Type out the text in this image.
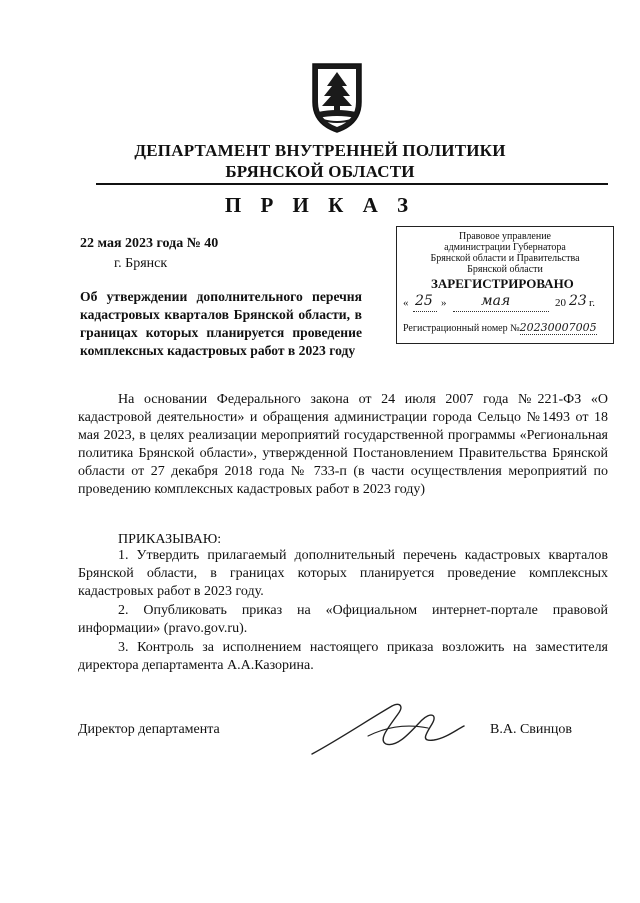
ДЕПАРТАМЕНТ ВНУТРЕННЕЙ ПОЛИТИКИ
БРЯНСКОЙ ОБЛАСТИ
П Р И К А З
22 мая 2023 года № 40
г. Брянск
Об утверждении дополнительного перечня кадастровых кварталов Брянской области, в границах которых планируется проведение комплексных кадастровых работ в 2023 году
Правовое управление
администрации Губернатора
Брянской области и Правительства
Брянской области
ЗАРЕГИСТРИРОВАНО
« 25 » мая	20 23 г.
Регистрационный номер №20230007005
На основании Федерального закона от 24 июля 2007 года №221-ФЗ «О кадастровой деятельности» и обращения администрации города Сельцо №1493 от 18 мая 2023, в целях реализации мероприятий государственной программы «Региональная политика Брянской области», утвержденной Постановлением Правительства Брянской области от 27 декабря 2018 года № 733-п (в части осуществления мероприятий по проведению комплексных кадастровых работ в 2023 году)
ПРИКАЗЫВАЮ:
1. Утвердить прилагаемый дополнительный перечень кадастровых кварталов Брянской области, в границах которых планируется проведение комплексных кадастровых работ в 2023 году.
2. Опубликовать приказ на «Официальном интернет-портале правовой информации» (pravo.gov.ru).
3. Контроль за исполнением настоящего приказа возложить на заместителя директора департамента А.А.Казорина.
Директор департамента	В.А. Свинцов
